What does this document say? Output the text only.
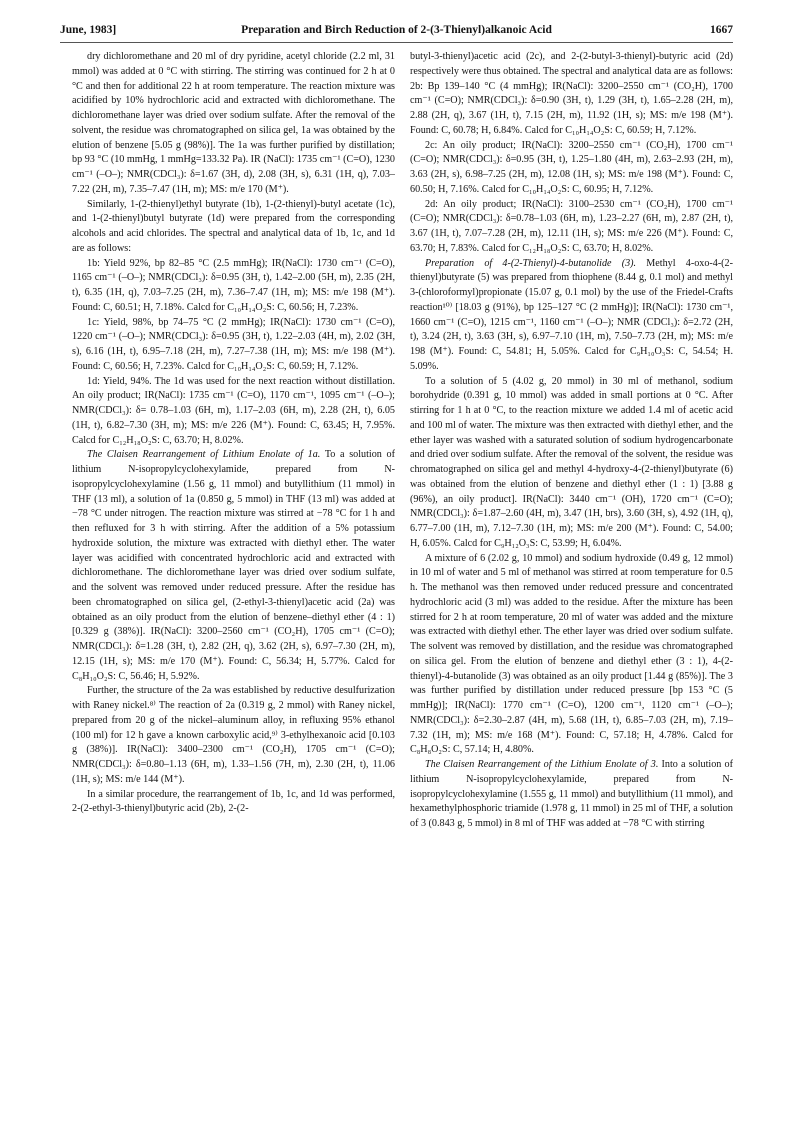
June, 1983]	Preparation and Birch Reduction of 2-(3-Thienyl)alkanoic Acid	1667

dry dichloromethane and 20 ml of dry pyridine, acetyl chloride (2.2 ml, 31 mmol) was added at 0 °C with stirring. The stirring was continued for 2 h at 0 °C and then for additional 22 h at room temperature. The reaction mixture was acidified by 10% hydrochloric acid and extracted with dichloromethane. The dichloromethane layer was dried over sodium sulfate. After the removal of the solvent, the residue was chromatographed on silica gel, 1a was obtained by the elution of benzene [5.05 g (98%)]. The 1a was further purified by distillation; bp 93 °C (10 mmHg, 1 mmHg=133.32 Pa). IR (NaCl): 1735 cm⁻¹ (C=O), 1230 cm⁻¹ (–O–); NMR(CDCl₃): δ=1.67 (3H, d), 2.08 (3H, s), 6.31 (1H, q), 7.03–7.22 (2H, m), 7.35–7.47 (1H, m); MS: m/e 170 (M⁺).

Similarly, 1-(2-thienyl)ethyl butyrate (1b), 1-(2-thienyl)-butyl acetate (1c), and 1-(2-thienyl)butyl butyrate (1d) were prepared from the corresponding alcohols and acid chlorides. The spectral and analytical data of 1b, 1c, and 1d are as follows:

1b: Yield 92%, bp 82–85 °C (2.5 mmHg); IR(NaCl): 1730 cm⁻¹ (C=O), 1165 cm⁻¹ (–O–); NMR(CDCl₃): δ=0.95 (3H, t), 1.42–2.00 (5H, m), 2.35 (2H, t), 6.35 (1H, q), 7.03–7.25 (2H, m), 7.36–7.47 (1H, m); MS: m/e 198 (M⁺). Found: C, 60.51; H, 7.18%. Calcd for C₁₀H₁₄O₂S: C, 60.56; H, 7.23%.

1c: Yield, 98%, bp 74–75 °C (2 mmHg); IR(NaCl): 1730 cm⁻¹ (C=O), 1220 cm⁻¹ (–O–); NMR(CDCl₃): δ=0.95 (3H, t), 1.22–2.03 (4H, m), 2.02 (3H, s), 6.16 (1H, t), 6.95–7.18 (2H, m), 7.27–7.38 (1H, m); MS: m/e 198 (M⁺). Found: C, 60.56; H, 7.23%. Calcd for C₁₀H₁₄O₂S: C, 60.59; H, 7.12%.

1d: Yield, 94%. The 1d was used for the next reaction without distillation. An oily product; IR(NaCl): 1735 cm⁻¹ (C=O), 1170 cm⁻¹, 1095 cm⁻¹ (–O–); NMR(CDCl₃): δ= 0.78–1.03 (6H, m), 1.17–2.03 (6H, m), 2.28 (2H, t), 6.05 (1H, t), 6.82–7.30 (3H, m); MS: m/e 226 (M⁺). Found: C, 63.45; H, 7.95%. Calcd for C₁₂H₁₈O₂S: C, 63.70; H, 8.02%.

The Claisen Rearrangement of Lithium Enolate of 1a. To a solution of lithium N-isopropylcyclohexylamide, prepared from N-isopropylcyclohexylamine (1.56 g, 11 mmol) and butyllithium (11 mmol) in THF (13 ml), a solution of 1a (0.850 g, 5 mmol) in THF (13 ml) was added at −78 °C under nitrogen. The reaction mixture was stirred at −78 °C for 1 h and then refluxed for 3 h with stirring. After the addition of a 5% potassium hydroxide solution, the mixture was extracted with diethyl ether. The water layer was acidified with concentrated hydrochloric acid and extracted with dichloromethane. The dichloromethane layer was dried over sodium sulfate, and the solvent was removed under reduced pressure. After the residue has been chromatographed on silica gel, (2-ethyl-3-thienyl)acetic acid (2a) was obtained as an oily product from the elution of benzene–diethyl ether (4 : 1) [0.329 g (38%)]. IR(NaCl): 3200–2560 cm⁻¹ (CO₂H), 1705 cm⁻¹ (C=O); NMR(CDCl₃): δ=1.28 (3H, t), 2.82 (2H, q), 3.62 (2H, s), 6.97–7.30 (2H, m), 12.15 (1H, s); MS: m/e 170 (M⁺). Found: C, 56.34; H, 5.77%. Calcd for C₈H₁₀O₂S: C, 56.46; H, 5.92%.

Further, the structure of the 2a was established by reductive desulfurization with Raney nickel.⁸⁾ The reaction of 2a (0.319 g, 2 mmol) with Raney nickel, prepared from 20 g of the nickel–aluminum alloy, in refluxing 95% ethanol (100 ml) for 12 h gave a known carboxylic acid,⁹⁾ 3-ethylhexanoic acid [0.103 g (38%)]. IR(NaCl): 3400–2300 cm⁻¹ (CO₂H), 1705 cm⁻¹ (C=O); NMR(CDCl₃): δ=0.80–1.13 (6H, m), 1.33–1.56 (7H, m), 2.30 (2H, t), 11.06 (1H, s); MS: m/e 144 (M⁺).

In a similar procedure, the rearrangement of 1b, 1c, and 1d was performed, 2-(2-ethyl-3-thienyl)butyric acid (2b), 2-(2-

butyl-3-thienyl)acetic acid (2c), and 2-(2-butyl-3-thienyl)-butyric acid (2d) respectively were thus obtained. The spectral and analytical data are as follows: 2b: Bp 139–140 °C (4 mmHg); IR(NaCl): 3200–2550 cm⁻¹ (CO₂H), 1700 cm⁻¹ (C=O); NMR(CDCl₃): δ=0.90 (3H, t), 1.29 (3H, t), 1.65–2.28 (2H, m), 2.88 (2H, q), 3.67 (1H, t), 7.15 (2H, m), 11.92 (1H, s); MS: m/e 198 (M⁺). Found: C, 60.78; H, 6.84%. Calcd for C₁₀H₁₄O₂S: C, 60.59; H, 7.12%.

2c: An oily product; IR(NaCl): 3200–2550 cm⁻¹ (CO₂H), 1700 cm⁻¹ (C=O); NMR(CDCl₃): δ=0.95 (3H, t), 1.25–1.80 (4H, m), 2.63–2.93 (2H, m), 3.63 (2H, s), 6.98–7.25 (2H, m), 12.08 (1H, s); MS: m/e 198 (M⁺). Found: C, 60.50; H, 7.16%. Calcd for C₁₀H₁₄O₂S: C, 60.95; H, 7.12%.

2d: An oily product; IR(NaCl): 3100–2530 cm⁻¹ (CO₂H), 1700 cm⁻¹ (C=O); NMR(CDCl₃): δ=0.78–1.03 (6H, m), 1.23–2.27 (6H, m), 2.87 (2H, t), 3.67 (1H, t), 7.07–7.28 (2H, m), 12.11 (1H, s); MS: m/e 226 (M⁺). Found: C, 63.70; H, 7.83%. Calcd for C₁₂H₁₈O₂S: C, 63.70; H, 8.02%.

Preparation of 4-(2-Thienyl)-4-butanolide (3). Methyl 4-oxo-4-(2-thienyl)butyrate (5) was prepared from thiophene (8.44 g, 0.1 mol) and methyl 3-(chloroformyl)propionate (15.07 g, 0.1 mol) by the use of the Friedel-Crafts reaction¹⁰⁾ [18.03 g (91%), bp 125–127 °C (2 mmHg)]; IR(NaCl): 1730 cm⁻¹, 1660 cm⁻¹ (C=O), 1215 cm⁻¹, 1160 cm⁻¹ (–O–); NMR (CDCl₃): δ=2.72 (2H, t), 3.24 (2H, t), 3.63 (3H, s), 6.97–7.10 (1H, m), 7.50–7.73 (2H, m); MS: m/e 198 (M⁺). Found: C, 54.81; H, 5.05%. Calcd for C₉H₁₀O₃S: C, 54.54; H. 5.09%.

To a solution of 5 (4.02 g, 20 mmol) in 30 ml of methanol, sodium borohydride (0.391 g, 10 mmol) was added in small portions at 0 °C. After stirring for 1 h at 0 °C, to the reaction mixture we added 1.4 ml of acetic acid and 100 ml of water. The mixture was then extracted with diethyl ether, and the ether layer was washed with a saturated solution of sodium hydrogencarbonate and dried over sodium sulfate. After the removal of the solvent, the residue was chromatographed on silica gel and methyl 4-hydroxy-4-(2-thienyl)butyrate (6) was obtained from the elution of benzene and diethyl ether (1 : 1) [3.88 g (96%), an oily product]. IR(NaCl): 3440 cm⁻¹ (OH), 1720 cm⁻¹ (C=O); NMR(CDCl₃): δ=1.87–2.60 (4H, m), 3.47 (1H, brs), 3.60 (3H, s), 4.92 (1H, q), 6.77–7.00 (1H, m), 7.12–7.30 (1H, m); MS: m/e 200 (M⁺). Found: C, 54.00; H, 6.05%. Calcd for C₉H₁₂O₃S: C, 53.99; H, 6.04%.

A mixture of 6 (2.02 g, 10 mmol) and sodium hydroxide (0.49 g, 12 mmol) in 10 ml of water and 5 ml of methanol was stirred at room temperature for 0.5 h. The methanol was then removed under reduced pressure and concentrated hydrochloric acid (3 ml) was added to the residue. After the mixture has been stirred for 2 h at room temperature, 20 ml of water was added and the mixture was extracted with diethyl ether. The ether layer was dried over sodium sulfate. The solvent was removed by distillation, and the residue was chromatographed on silica gel. From the elution of benzene and diethyl ether (3 : 1), 4-(2-thienyl)-4-butanolide (3) was obtained as an oily product [1.44 g (85%)]. The 3 was further purified by distillation under reduced pressure [bp 153 °C (5 mmHg)]; IR(NaCl): 1770 cm⁻¹ (C=O), 1200 cm⁻¹, 1120 cm⁻¹ (–O–); NMR(CDCl₃): δ=2.30–2.87 (4H, m), 5.68 (1H, t), 6.85–7.03 (2H, m), 7.19–7.32 (1H, m); MS: m/e 168 (M⁺). Found: C, 57.18; H, 4.78%. Calcd for C₈H₈O₂S: C, 57.14; H, 4.80%.

The Claisen Rearrangement of the Lithium Enolate of 3. Into a solution of lithium N-isopropylcyclohexylamide, prepared from N-isopropylcyclohexylamine (1.555 g, 11 mmol) and butyllithium (11 mmol), and hexamethylphosphoric triamide (1.978 g, 11 mmol) in 25 ml of THF, a solution of 3 (0.843 g, 5 mmol) in 8 ml of THF was added at −78 °C with stirring
